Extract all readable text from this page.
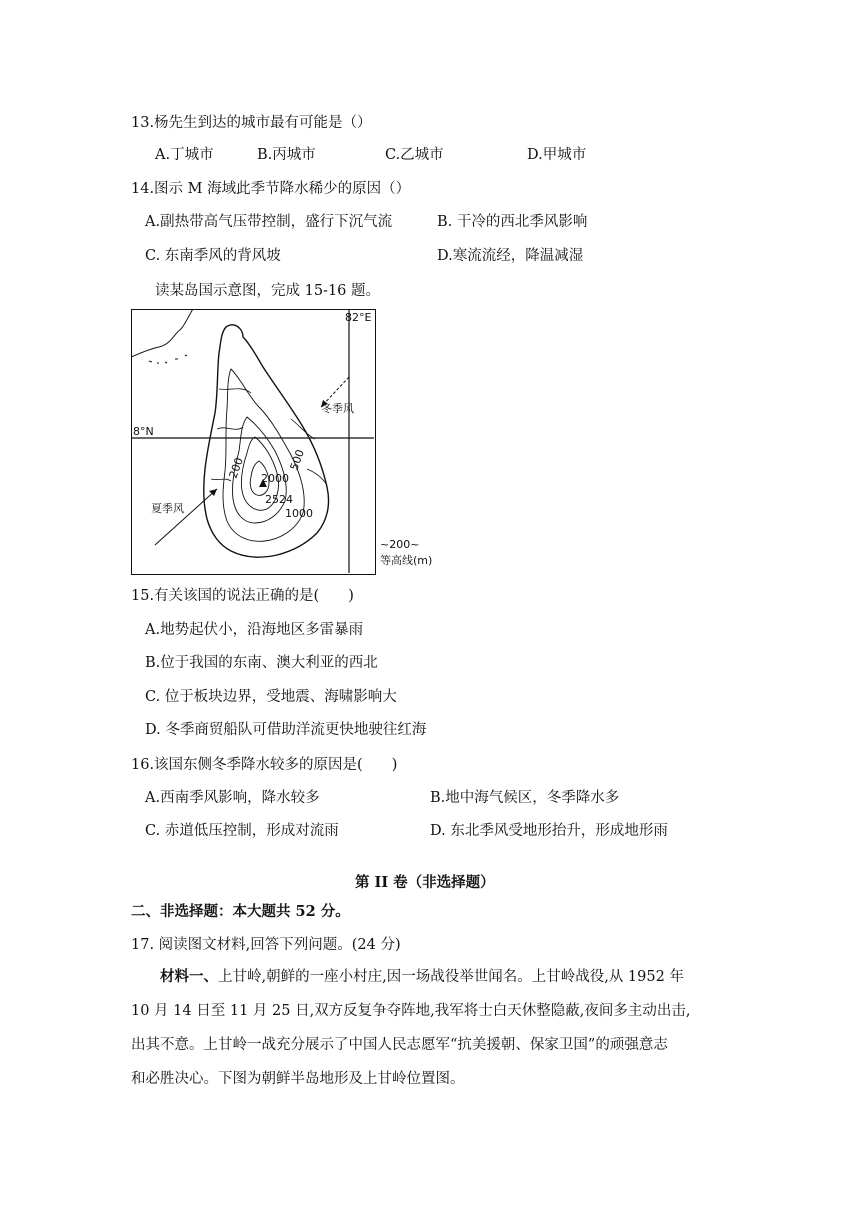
13.杨先生到达的城市最有可能是（）
A.丁城市	B.丙城市	C.乙城市	D.甲城市
14.图示 M 海域此季节降水稀少的原因（）
A.副热带高气压带控制，盛行下沉气流	B. 干冷的西北季风影响
C. 东南季风的背风坡	D.寒流流经，降温减湿
读某岛国示意图，完成 15-16 题。
82°E
8°N
冬季风
夏季风
200	500
1000
2000
2524
~200~
等高线(m)
15.有关该国的说法正确的是(　　)
A.地势起伏小，沿海地区多雷暴雨
B.位于我国的东南、澳大利亚的西北
C. 位于板块边界，受地震、海啸影响大
D. 冬季商贸船队可借助洋流更快地驶往红海
16.该国东侧冬季降水较多的原因是(　　)
A.西南季风影响，降水较多	B.地中海气候区，冬季降水多
C. 赤道低压控制，形成对流雨	D. 东北季风受地形抬升，形成地形雨
第 II 卷（非选择题）
二、非选择题：本大题共 52 分。
17. 阅读图文材料,回答下列问题。(24 分)
材料一、上甘岭,朝鲜的一座小村庄,因一场战役举世闻名。上甘岭战役,从 1952 年
10 月 14 日至 11 月 25 日,双方反复争夺阵地,我军将士白天休整隐蔽,夜间多主动出击,
出其不意。上甘岭一战充分展示了中国人民志愿军“抗美援朝、保家卫国”的顽强意志
和必胜决心。下图为朝鲜半岛地形及上甘岭位置图。
